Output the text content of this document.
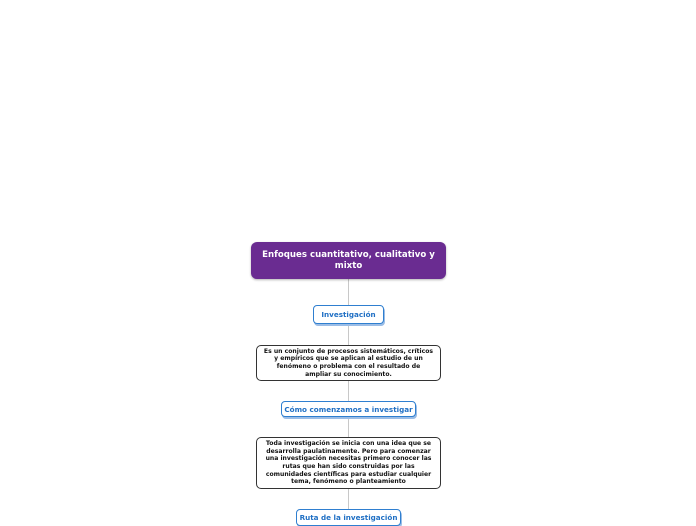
Enfoques cuantitativo, cualitativo y mixto
Investigación
Es un conjunto de procesos sistemáticos, críticos y empíricos que se aplican al estudio de un fenómeno o problema con el resultado de ampliar su conocimiento.
Cómo comenzamos a investigar
Toda investigación se inicia con una idea que se desarrolla paulatinamente. Pero para comenzar una investigación necesitas primero conocer las rutas que han sido construidas por las comunidades científicas para estudiar cualquier tema, fenómeno o planteamiento
Ruta de la investigación
